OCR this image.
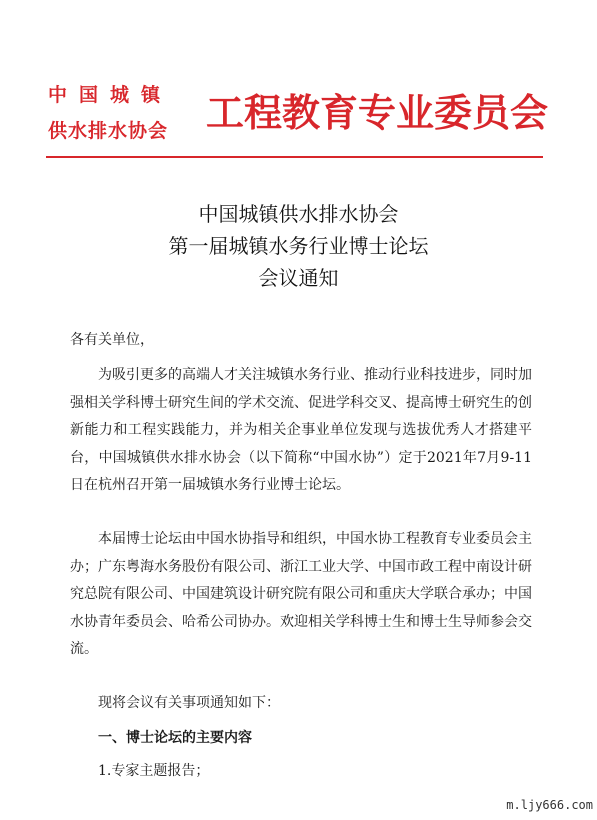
中国城镇
供水排水协会 工程教育专业委员会
中国城镇供水排水协会
第一届城镇水务行业博士论坛
会议通知

各有关单位，

为吸引更多的高端人才关注城镇水务行业、推动行业科技进步，同时加强相关学科博士研究生间的学术交流、促进学科交叉、提高博士研究生的创新能力和工程实践能力，并为相关企事业单位发现与选拔优秀人才搭建平台，中国城镇供水排水协会（以下简称“中国水协”）定于2021年7月9-11日在杭州召开第一届城镇水务行业博士论坛。

本届博士论坛由中国水协指导和组织，中国水协工程教育专业委员会主办；广东粤海水务股份有限公司、浙江工业大学、中国市政工程中南设计研究总院有限公司、中国建筑设计研究院有限公司和重庆大学联合承办；中国水协青年委员会、哈希公司协办。欢迎相关学科博士生和博士生导师参会交流。

现将会议有关事项通知如下：

一、博士论坛的主要内容

1.专家主题报告；

m.ljy666.com
